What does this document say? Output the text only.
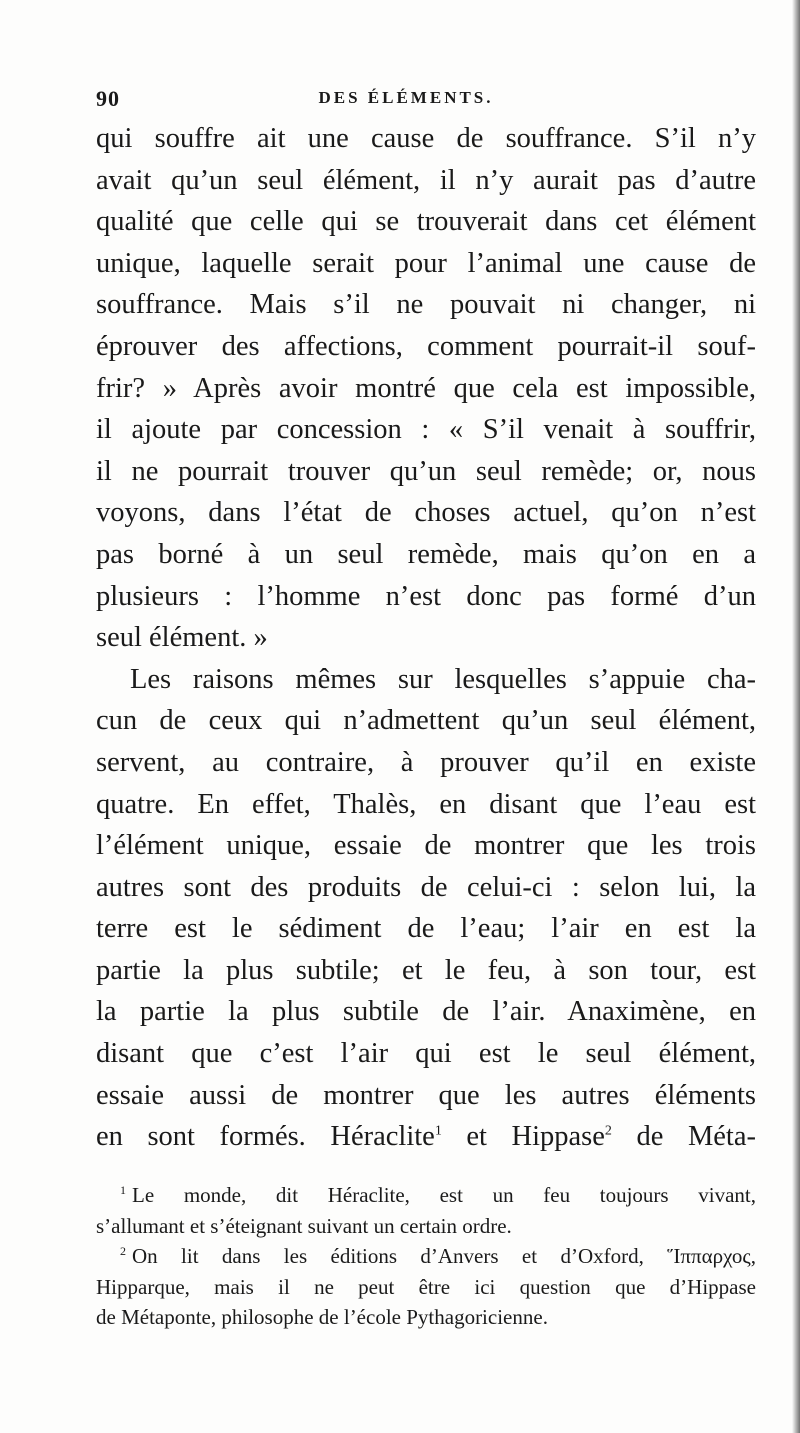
90	DES ÉLÉMENTS.
qui souffre ait une cause de souffrance. S’il n’y
avait qu’un seul élément, il n’y aurait pas d’autre
qualité que celle qui se trouverait dans cet élément
unique, laquelle serait pour l’animal une cause de
souffrance. Mais s’il ne pouvait ni changer, ni
éprouver des affections, comment pourrait-il souf-
frir? » Après avoir montré que cela est impossible,
il ajoute par concession : « S’il venait à souffrir,
il ne pourrait trouver qu’un seul remède; or, nous
voyons, dans l’état de choses actuel, qu’on n’est
pas borné à un seul remède, mais qu’on en a
plusieurs : l’homme n’est donc pas formé d’un
seul élément. »
Les raisons mêmes sur lesquelles s’appuie cha-
cun de ceux qui n’admettent qu’un seul élément,
servent, au contraire, à prouver qu’il en existe
quatre. En effet, Thalès, en disant que l’eau est
l’élément unique, essaie de montrer que les trois
autres sont des produits de celui-ci : selon lui, la
terre est le sédiment de l’eau; l’air en est la
partie la plus subtile; et le feu, à son tour, est
la partie la plus subtile de l’air. Anaximène, en
disant que c’est l’air qui est le seul élément,
essaie aussi de montrer que les autres éléments
en sont formés. Héraclite$^1$ et Hippase$^2$ de Méta-
$^1$ Le monde, dit Héraclite, est un feu toujours vivant,
s’allumant et s’éteignant suivant un certain ordre.
$^2$ On lit dans les éditions d’Anvers et d’Oxford, Ἵππαρχος,
Hipparque, mais il ne peut être ici question que d’Hippase
de Métaponte, philosophe de l’école Pythagoricienne.
